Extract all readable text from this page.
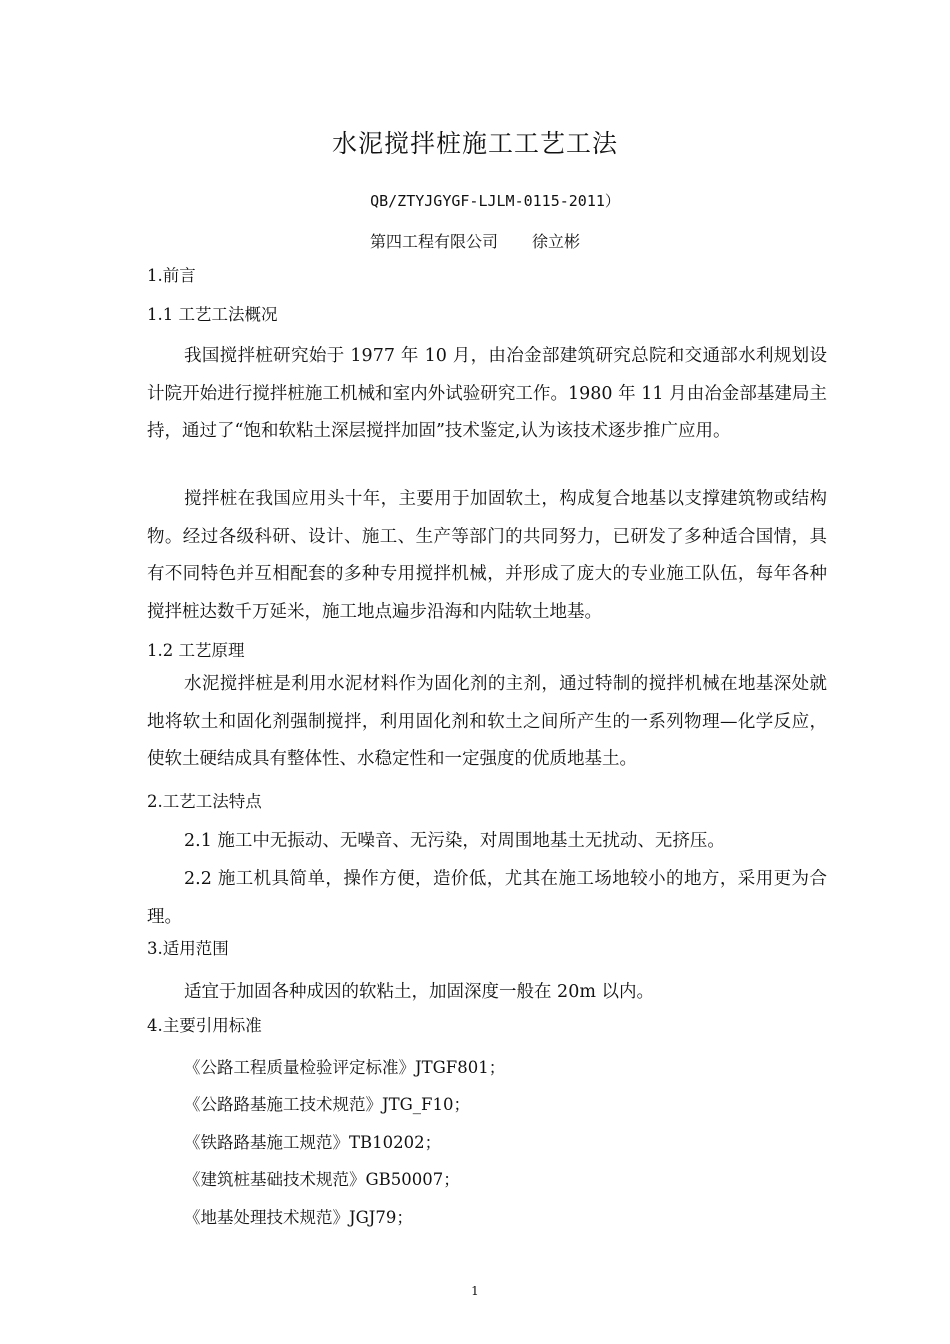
水泥搅拌桩施工工艺工法
QB/ZTYJGYGF-LJLM-0115-2011）
第四工程有限公司 徐立彬
1.前言
1.1 工艺工法概况
我国搅拌桩研究始于 1977 年 10 月，由冶金部建筑研究总院和交通部水利规划设计院开始进行搅拌桩施工机械和室内外试验研究工作。1980 年 11 月由冶金部基建局主持，通过了“饱和软粘土深层搅拌加固”技术鉴定,认为该技术逐步推广应用。
搅拌桩在我国应用头十年，主要用于加固软土，构成复合地基以支撑建筑物或结构物。经过各级科研、设计、施工、生产等部门的共同努力，已研发了多种适合国情，具有不同特色并互相配套的多种专用搅拌机械，并形成了庞大的专业施工队伍，每年各种搅拌桩达数千万延米，施工地点遍步沿海和内陆软土地基。
1.2 工艺原理
水泥搅拌桩是利用水泥材料作为固化剂的主剂，通过特制的搅拌机械在地基深处就地将软土和固化剂强制搅拌，利用固化剂和软土之间所产生的一系列物理—化学反应，使软土硬结成具有整体性、水稳定性和一定强度的优质地基土。
2.工艺工法特点
2.1 施工中无振动、无噪音、无污染，对周围地基土无扰动、无挤压。
2.2 施工机具简单，操作方便，造价低，尤其在施工场地较小的地方，采用更为合理。
3.适用范围
适宜于加固各种成因的软粘土，加固深度一般在 20m 以内。
4.主要引用标准
《公路工程质量检验评定标准》JTGF801；
《公路路基施工技术规范》JTG_F10；
《铁路路基施工规范》TB10202；
《建筑桩基础技术规范》GB50007；
《地基处理技术规范》JGJ79；
1
